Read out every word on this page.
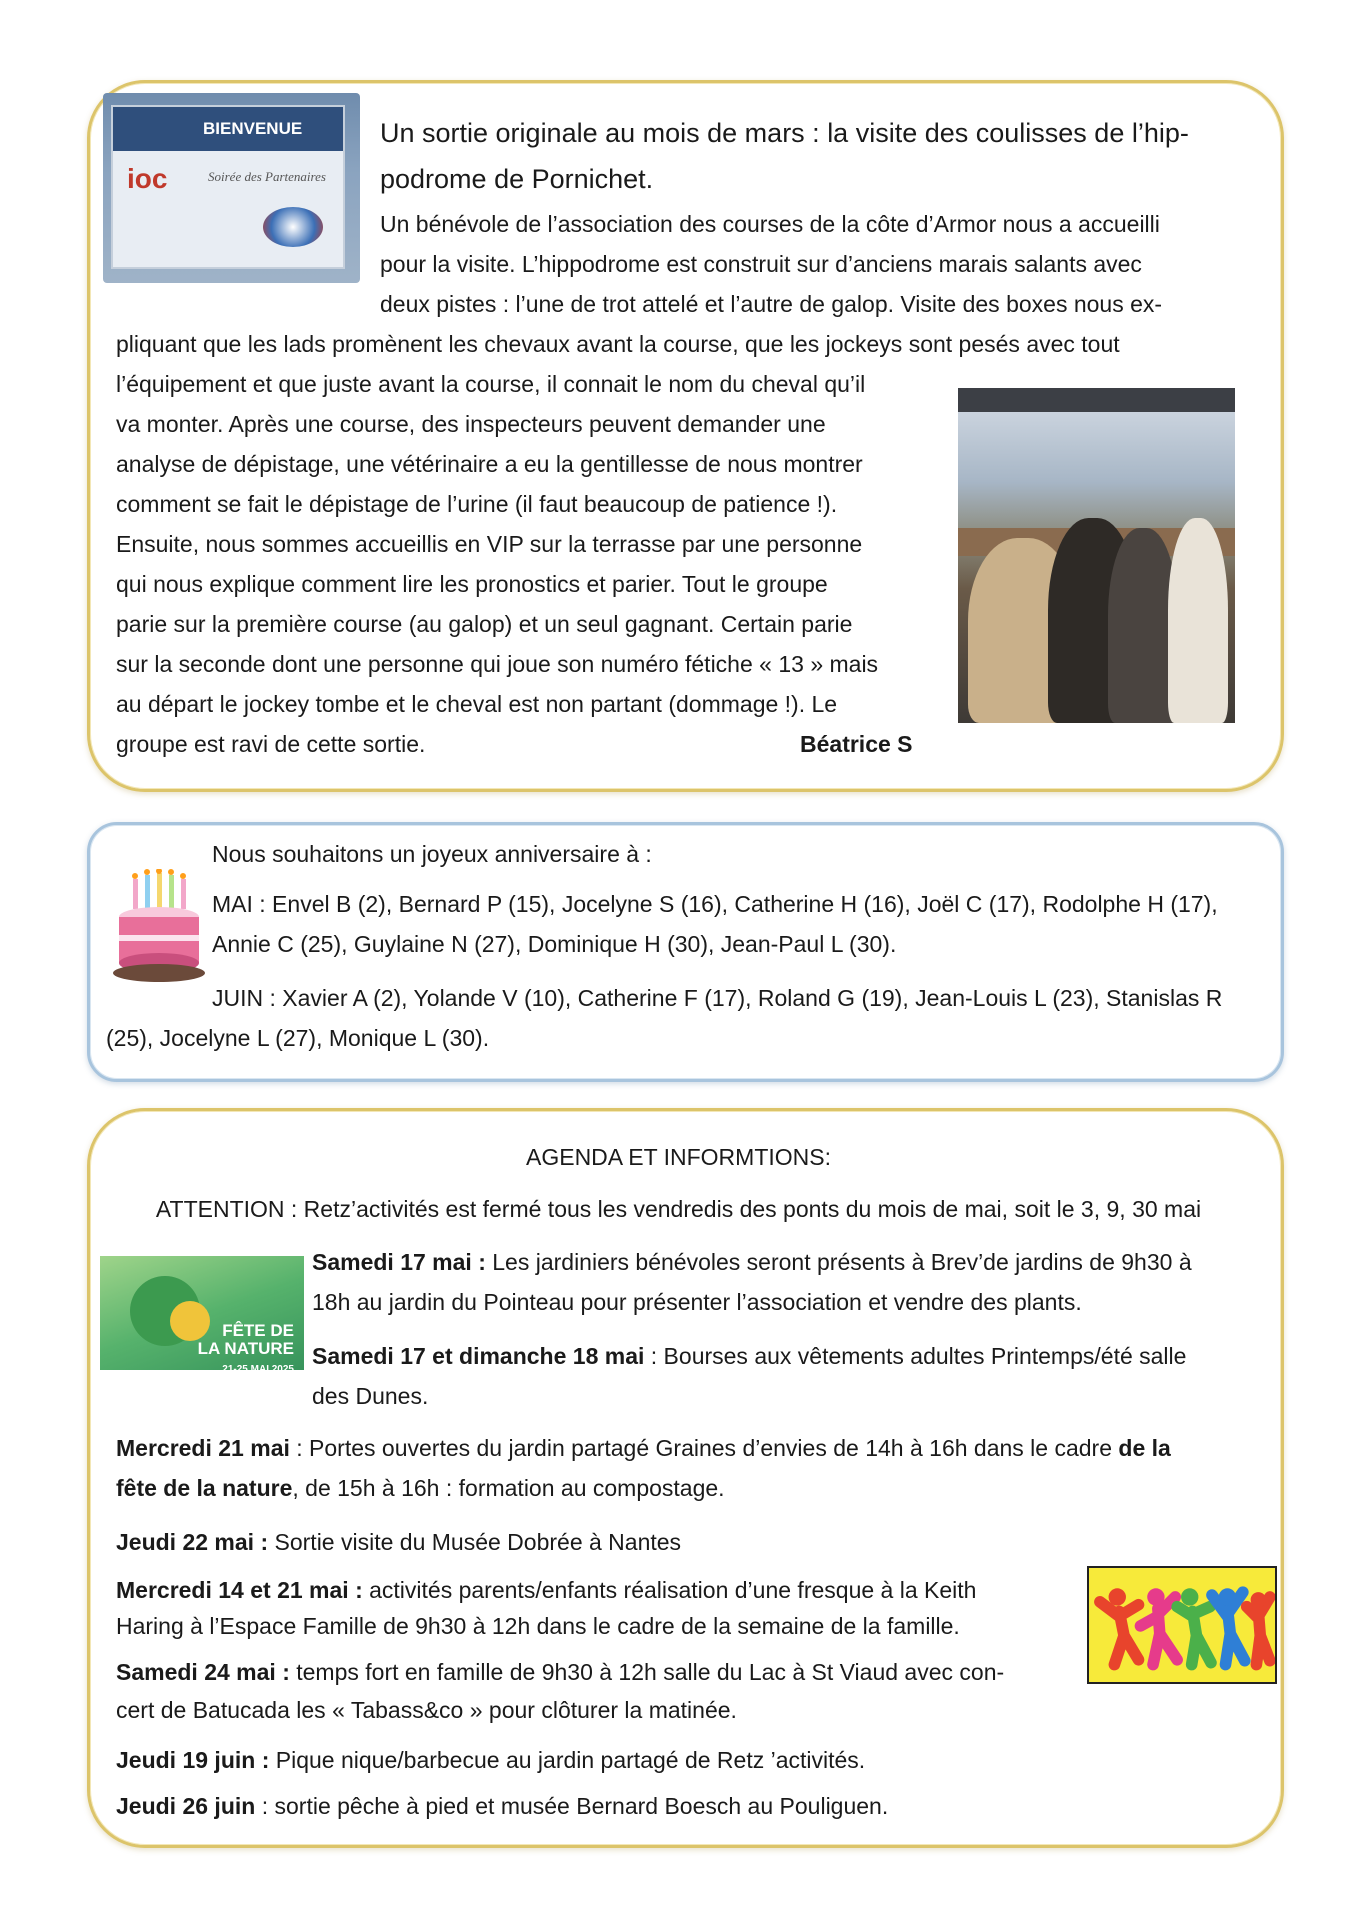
BIENVENUE
ioc	Soirée des Partenaires
Un sortie originale au mois de mars : la visite des coulisses de l’hip-
podrome de Pornichet.
Un bénévole de l’association des courses de la côte d’Armor nous a accueilli
pour la visite. L’hippodrome est construit sur d’anciens marais salants avec
deux pistes : l’une de trot attelé et l’autre de galop. Visite des boxes nous ex-
pliquant que les lads promènent les chevaux avant la course, que les jockeys sont pesés avec tout
l’équipement et que juste avant la course, il connait le nom du cheval qu’il
va monter. Après une course, des inspecteurs peuvent demander une
analyse de dépistage, une vétérinaire a eu la gentillesse de nous montrer
comment se fait le dépistage de l’urine (il faut beaucoup de patience !).
Ensuite, nous sommes accueillis en VIP sur la terrasse par une personne
qui nous explique comment lire les pronostics et parier. Tout le groupe
parie sur la première course (au galop) et un seul gagnant. Certain parie
sur la seconde dont une personne qui joue son numéro fétiche « 13 » mais
au départ le jockey tombe et le cheval est non partant (dommage !). Le
groupe est ravi de cette sortie.	Béatrice S
Nous souhaitons un joyeux anniversaire à :
MAI : Envel B (2), Bernard P (15), Jocelyne S (16), Catherine H (16), Joël C (17), Rodolphe H (17),
Annie C (25), Guylaine N (27), Dominique H (30), Jean-Paul L (30).
JUIN : Xavier A (2), Yolande V (10), Catherine F (17), Roland G (19), Jean-Louis L (23), Stanislas R
(25), Jocelyne L (27), Monique L (30).
AGENDA ET INFORMTIONS:
ATTENTION : Retz’activités est fermé tous les vendredis des ponts du mois de mai, soit le 3, 9, 30 mai
FÊTE DE
LA NATURE

Samedi 17 mai : Les jardiniers bénévoles seront présents à Brev’de jardins de 9h30 à
18h au jardin du Pointeau pour présenter l’association et vendre des plants.
Samedi 17 et dimanche 18 mai : Bourses aux vêtements adultes Printemps/été salle
des Dunes.
Mercredi 21 mai : Portes ouvertes du jardin partagé Graines d’envies de 14h à 16h dans le cadre de la
fête de la nature, de 15h à 16h : formation au compostage.
Jeudi 22 mai : Sortie visite du Musée Dobrée à Nantes
Mercredi 14 et 21 mai : activités parents/enfants réalisation d’une fresque à la Keith
Haring à l’Espace Famille de 9h30 à 12h dans le cadre de la semaine de la famille.
Samedi 24 mai : temps fort en famille de 9h30 à 12h salle du Lac à St Viaud avec con-
cert de Batucada les « Tabass&co » pour clôturer la matinée.
Jeudi 19 juin : Pique nique/barbecue au jardin partagé de Retz ’activités.
Jeudi 26 juin : sortie pêche à pied et musée Bernard Boesch au Pouliguen.
